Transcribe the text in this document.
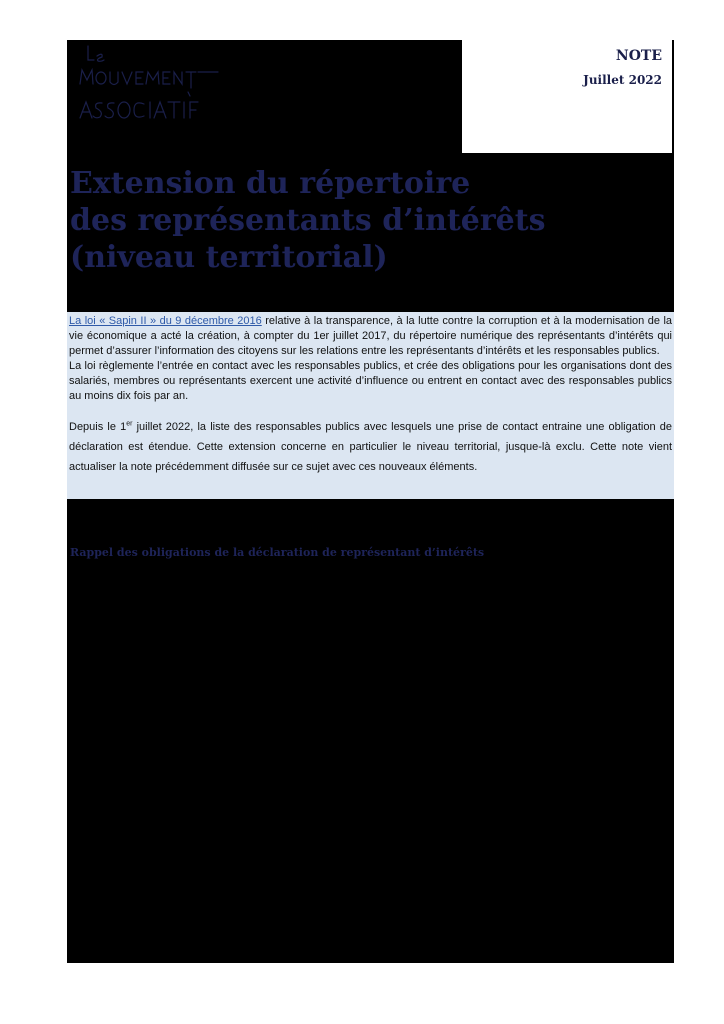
NOTE
Juillet 2022
Extension du répertoire
des représentants d’intérêts
(niveau territorial)

La loi « Sapin II » du 9 décembre 2016 relative à la transparence, à la lutte contre la corruption et à la modernisation de la vie économique a acté la création, à compter du 1er juillet 2017, du répertoire numérique des représentants d’intérêts qui permet d’assurer l’information des citoyens sur les relations entre les représentants d’intérêts et les responsables publics.

La loi règlemente l’entrée en contact avec les responsables publics, et crée des obligations pour les organisations dont des salariés, membres ou représentants exercent une activité d’influence ou entrent en contact avec des responsables publics au moins dix fois par an.

Depuis le 1er juillet 2022, la liste des responsables publics avec lesquels une prise de contact entraine une obligation de déclaration est étendue. Cette extension concerne en particulier le niveau territorial, jusque-là exclu. Cette note vient actualiser la note précédemment diffusée sur ce sujet avec ces nouveaux éléments.

Rappel des obligations de la déclaration de représentant d’intérêts
